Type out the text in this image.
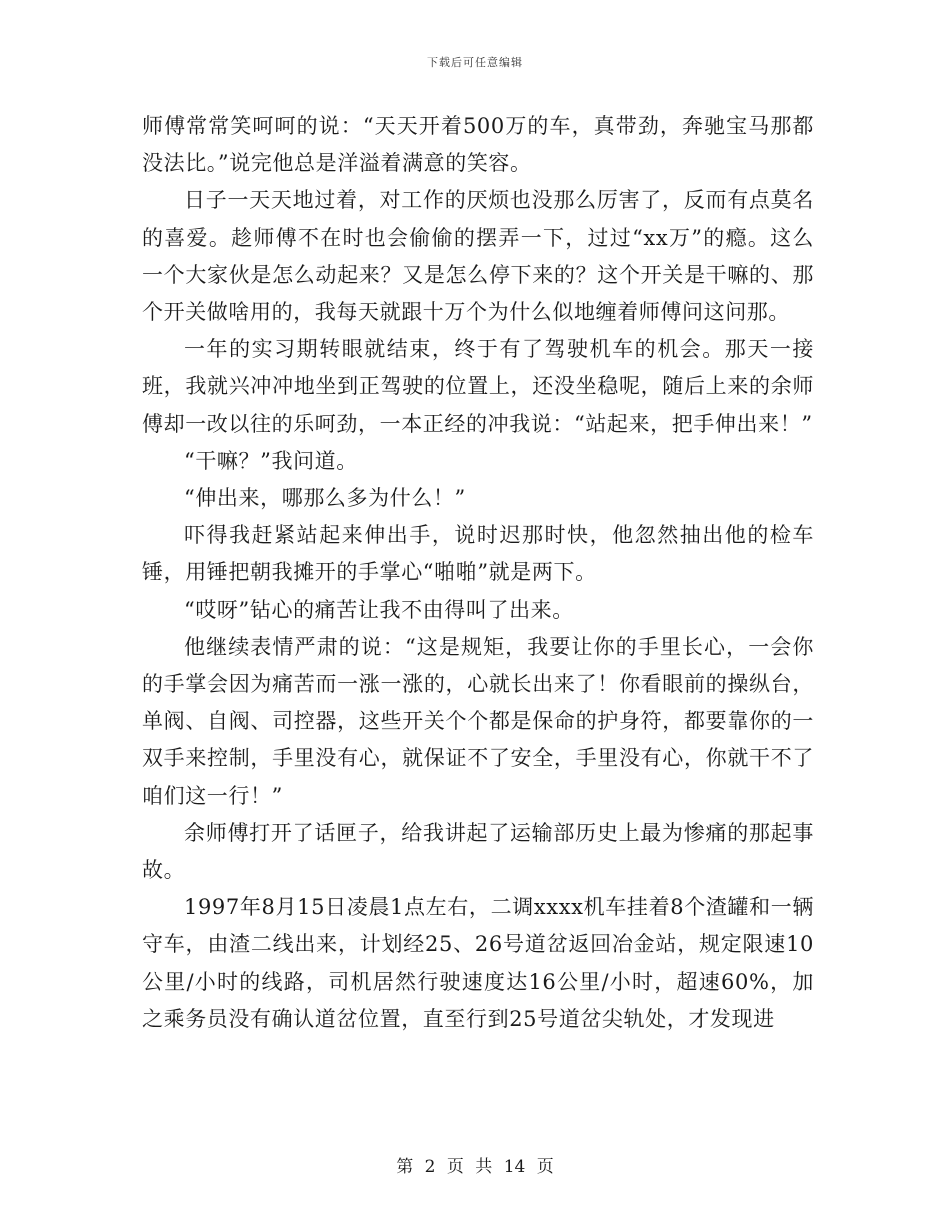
下载后可任意编辑

师傅常常笑呵呵的说：“天天开着500万的车，真带劲，奔驰宝马那都没法比。”说完他总是洋溢着满意的笑容。

日子一天天地过着，对工作的厌烦也没那么厉害了，反而有点莫名的喜爱。趁师傅不在时也会偷偷的摆弄一下，过过“xx万”的瘾。这么一个大家伙是怎么动起来？又是怎么停下来的？这个开关是干嘛的、那个开关做啥用的，我每天就跟十万个为什么似地缠着师傅问这问那。

一年的实习期转眼就结束，终于有了驾驶机车的机会。那天一接班，我就兴冲冲地坐到正驾驶的位置上，还没坐稳呢，随后上来的余师傅却一改以往的乐呵劲，一本正经的冲我说：“站起来，把手伸出来！”

“干嘛？”我问道。

“伸出来，哪那么多为什么！”

吓得我赶紧站起来伸出手，说时迟那时快，他忽然抽出他的检车锤，用锤把朝我摊开的手掌心“啪啪”就是两下。

“哎呀”钻心的痛苦让我不由得叫了出来。

他继续表情严肃的说：“这是规矩，我要让你的手里长心，一会你的手掌会因为痛苦而一涨一涨的，心就长出来了！你看眼前的操纵台，单阀、自阀、司控器，这些开关个个都是保命的护身符，都要靠你的一双手来控制，手里没有心，就保证不了安全，手里没有心，你就干不了咱们这一行！”

余师傅打开了话匣子，给我讲起了运输部历史上最为惨痛的那起事故。

1997年8月15日凌晨1点左右，二调xxxx机车挂着8个渣罐和一辆守车，由渣二线出来，计划经25、26号道岔返回冶金站，规定限速10公里/小时的线路，司机居然行驶速度达16公里/小时，超速60%，加之乘务员没有确认道岔位置，直至行到25号道岔尖轨处，才发现进

第 2 页 共 14 页
